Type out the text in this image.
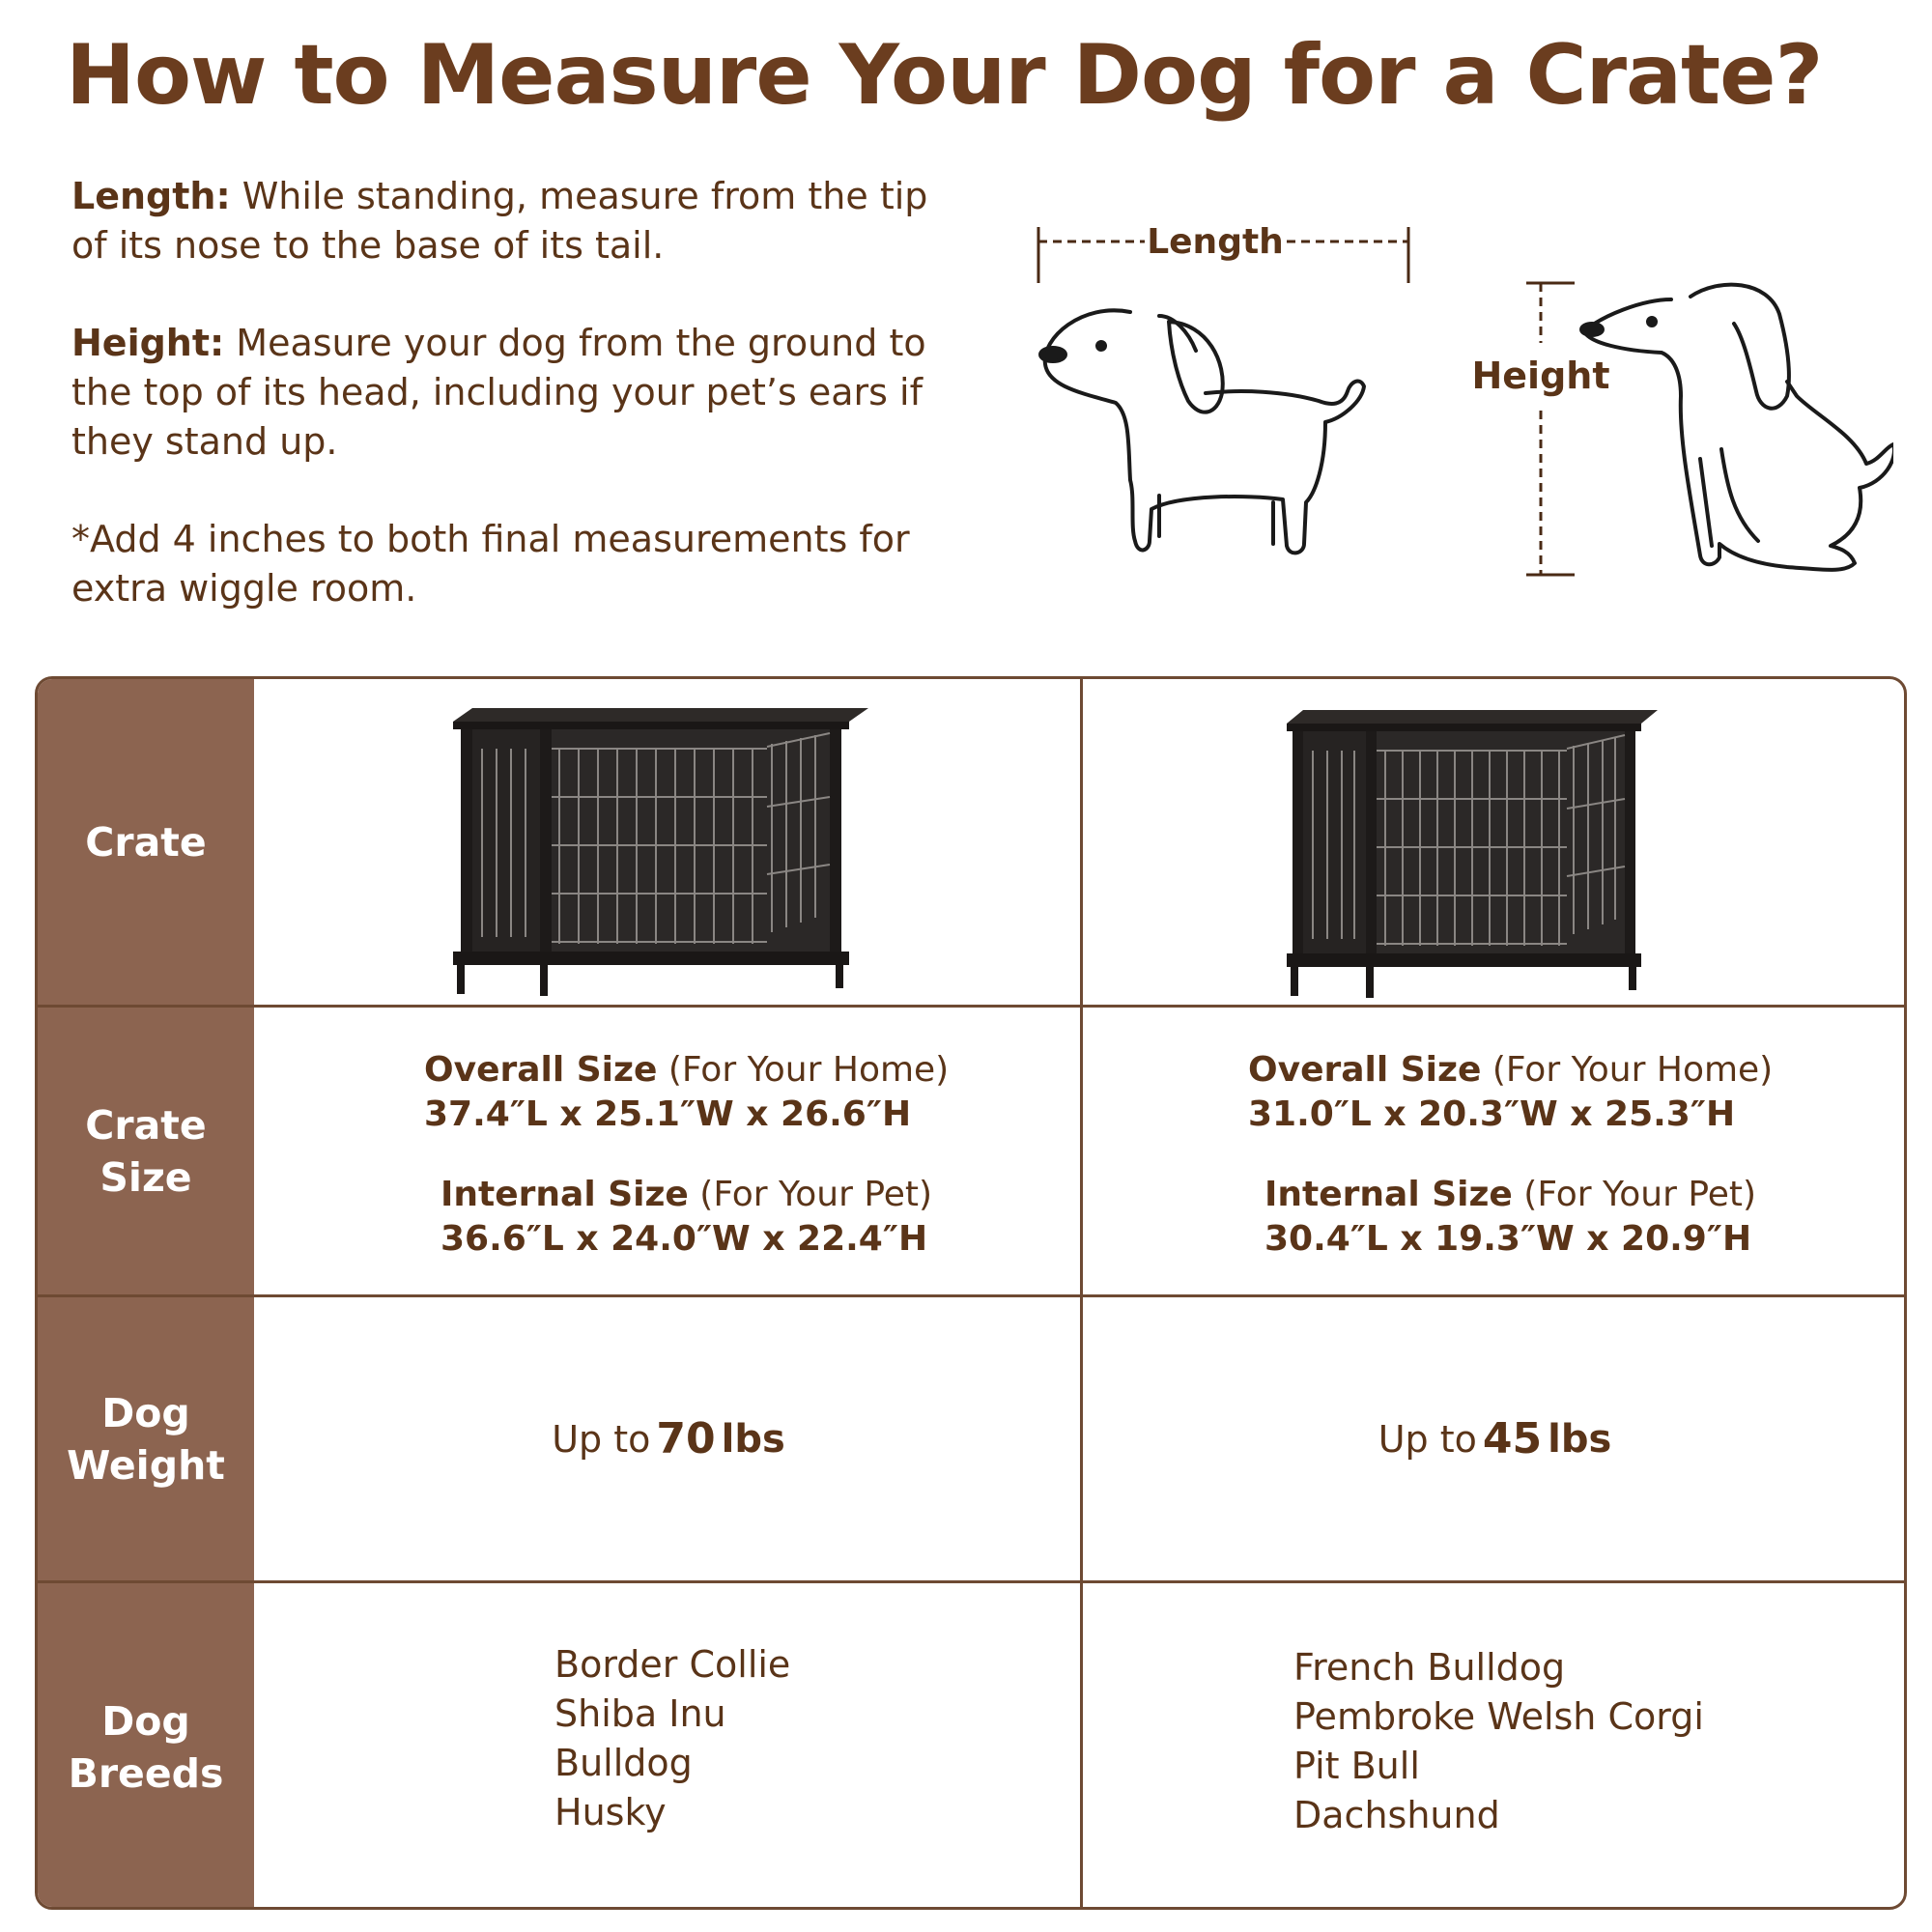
How to Measure Your Dog for a Crate?
Length: While standing, measure from the tip of its nose to the base of its tail.
Height: Measure your dog from the ground to the top of its head, including your pet’s ears if they stand up.
*Add 4 inches to both final measurements for extra wiggle room.
Length
Height
Crate
Crate Size
Dog Weight
Dog Breeds
Overall Size (For Your Home)
37.4″L x 25.1″W x 26.6″H
Internal Size (For Your Pet)
36.6″L x 24.0″W x 22.4″H
Overall Size (For Your Home)
31.0″L x 20.3″W x 25.3″H
Internal Size (For Your Pet)
30.4″L x 19.3″W x 20.9″H
Up to 70 lbs	Up to 45 lbs
Border Collie
Shiba Inu
Bulldog
Husky
French Bulldog
Pembroke Welsh Corgi
Pit Bull
Dachshund
